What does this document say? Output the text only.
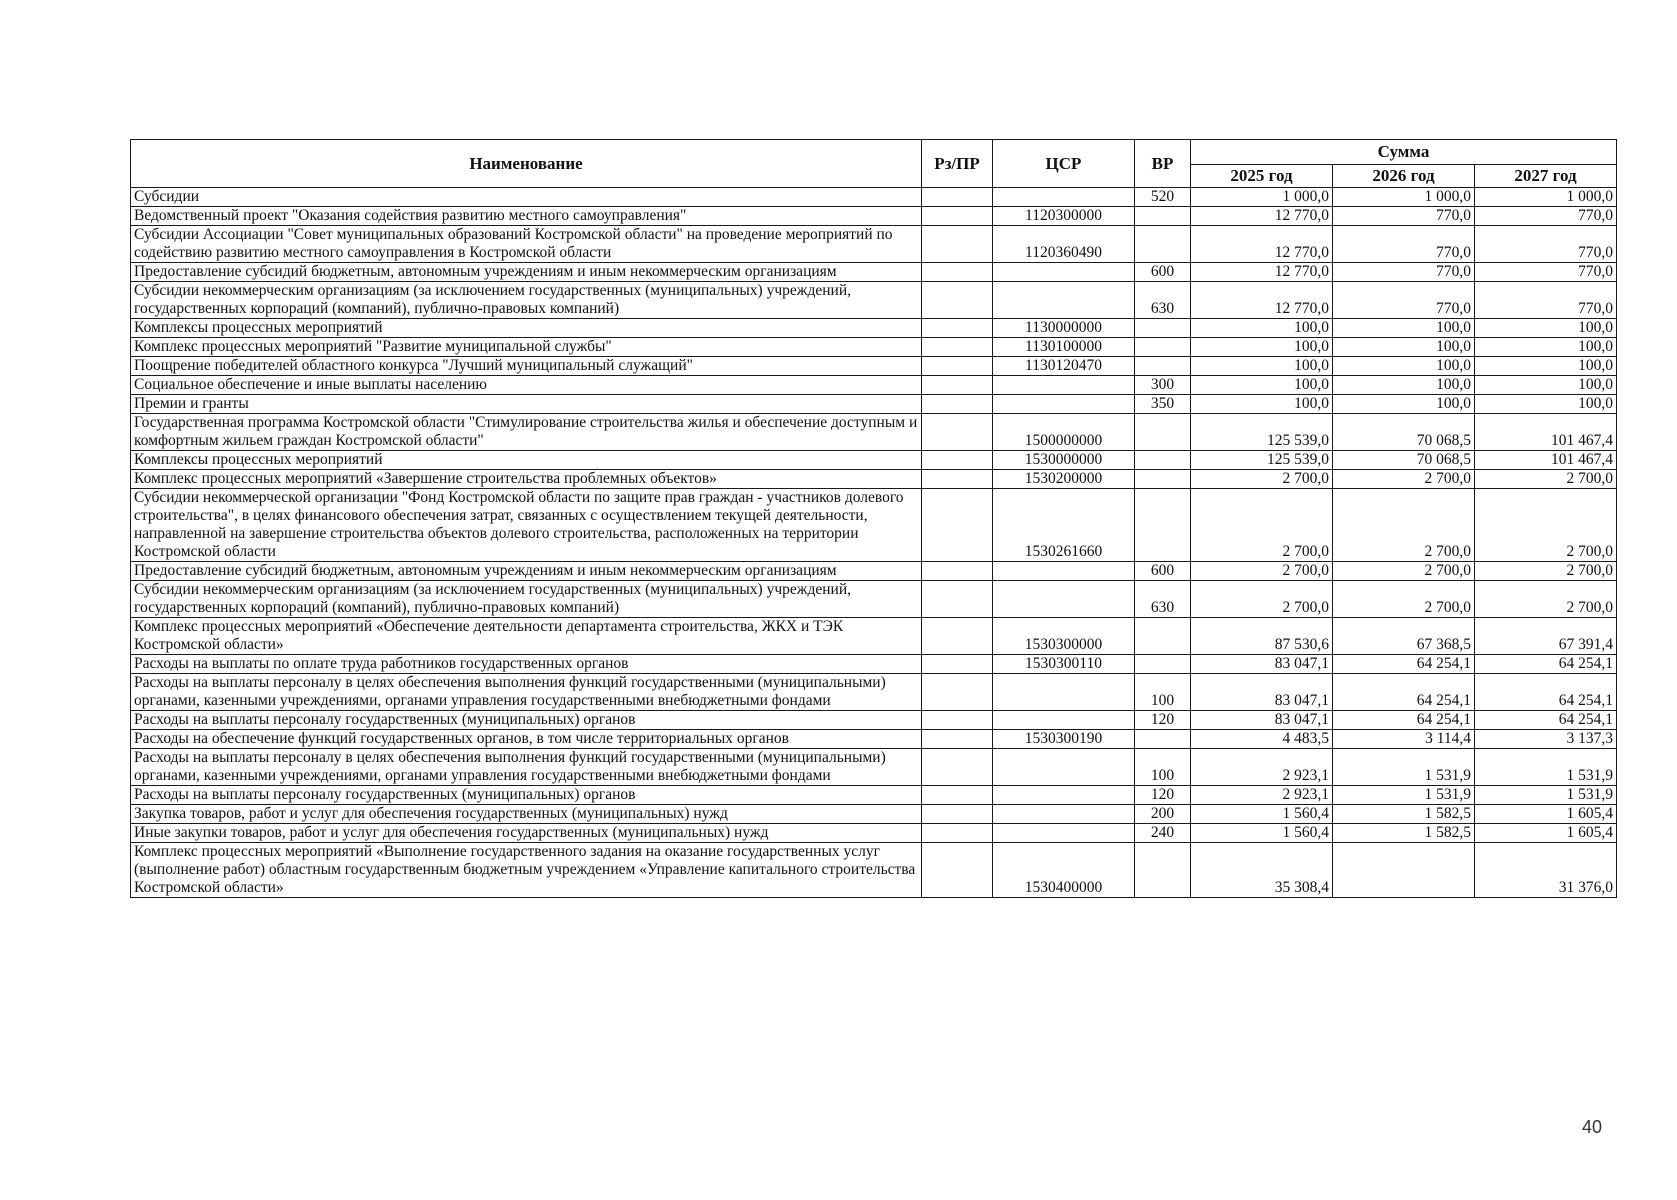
Наименование	Рз/ПР	ЦСР	ВР	Сумма		
				2025 год	2026 год	2027 год
Субсидии			520	1 000,0	1 000,0	1 000,0
Ведомственный проект "Оказания содействия развитию местного самоуправления"		1120300000		12 770,0	770,0	770,0
Субсидии Ассоциации "Совет муниципальных образований Костромской области" на проведение мероприятий по содействию развитию местного самоуправления в Костромской области		1120360490		12 770,0	770,0	770,0
Предоставление субсидий бюджетным, автономным учреждениям и иным некоммерческим организациям			600	12 770,0	770,0	770,0
Субсидии некоммерческим организациям (за исключением государственных (муниципальных) учреждений, государственных корпораций (компаний), публично-правовых компаний)			630	12 770,0	770,0	770,0
Комплексы процессных мероприятий		1130000000		100,0	100,0	100,0
Комплекс процессных мероприятий "Развитие муниципальной службы"		1130100000		100,0	100,0	100,0
Поощрение победителей областного конкурса "Лучший муниципальный служащий"		1130120470		100,0	100,0	100,0
Социальное обеспечение и иные выплаты населению			300	100,0	100,0	100,0
Премии и гранты			350	100,0	100,0	100,0
Государственная программа Костромской области "Стимулирование строительства жилья и обеспечение доступным и комфортным жильем граждан Костромской области"		1500000000		125 539,0	70 068,5	101 467,4
Комплексы процессных мероприятий		1530000000		125 539,0	70 068,5	101 467,4
Комплекс процессных мероприятий «Завершение строительства проблемных объектов»		1530200000		2 700,0	2 700,0	2 700,0
Субсидии некоммерческой организации "Фонд Костромской области по защите прав граждан - участников долевого строительства", в целях финансового обеспечения затрат, связанных с осуществлением текущей деятельности, направленной на завершение строительства объектов долевого строительства, расположенных на территории Костромской области		1530261660		2 700,0	2 700,0	2 700,0
Предоставление субсидий бюджетным, автономным учреждениям и иным некоммерческим организациям			600	2 700,0	2 700,0	2 700,0
Субсидии некоммерческим организациям (за исключением государственных (муниципальных) учреждений, государственных корпораций (компаний), публично-правовых компаний)			630	2 700,0	2 700,0	2 700,0
Комплекс процессных мероприятий «Обеспечение деятельности департамента строительства, ЖКХ и ТЭК Костромской области»		1530300000		87 530,6	67 368,5	67 391,4
Расходы на выплаты по оплате труда работников государственных органов		1530300110		83 047,1	64 254,1	64 254,1
Расходы на выплаты персоналу в целях обеспечения выполнения функций государственными (муниципальными) органами, казенными учреждениями, органами управления государственными внебюджетными фондами			100	83 047,1	64 254,1	64 254,1
Расходы на выплаты персоналу государственных (муниципальных) органов			120	83 047,1	64 254,1	64 254,1
Расходы на обеспечение функций государственных органов, в том числе территориальных органов		1530300190		4 483,5	3 114,4	3 137,3
Расходы на выплаты персоналу в целях обеспечения выполнения функций государственными (муниципальными) органами, казенными учреждениями, органами управления государственными внебюджетными фондами			100	2 923,1	1 531,9	1 531,9
Расходы на выплаты персоналу государственных (муниципальных) органов			120	2 923,1	1 531,9	1 531,9
Закупка товаров, работ и услуг для обеспечения государственных (муниципальных) нужд			200	1 560,4	1 582,5	1 605,4
Иные закупки товаров, работ и услуг для обеспечения государственных (муниципальных) нужд			240	1 560,4	1 582,5	1 605,4
Комплекс процессных мероприятий «Выполнение государственного задания на оказание государственных услуг (выполнение работ) областным государственным бюджетным учреждением «Управление капитального строительства Костромской области»		1530400000		35 308,4		31 376,0
40
